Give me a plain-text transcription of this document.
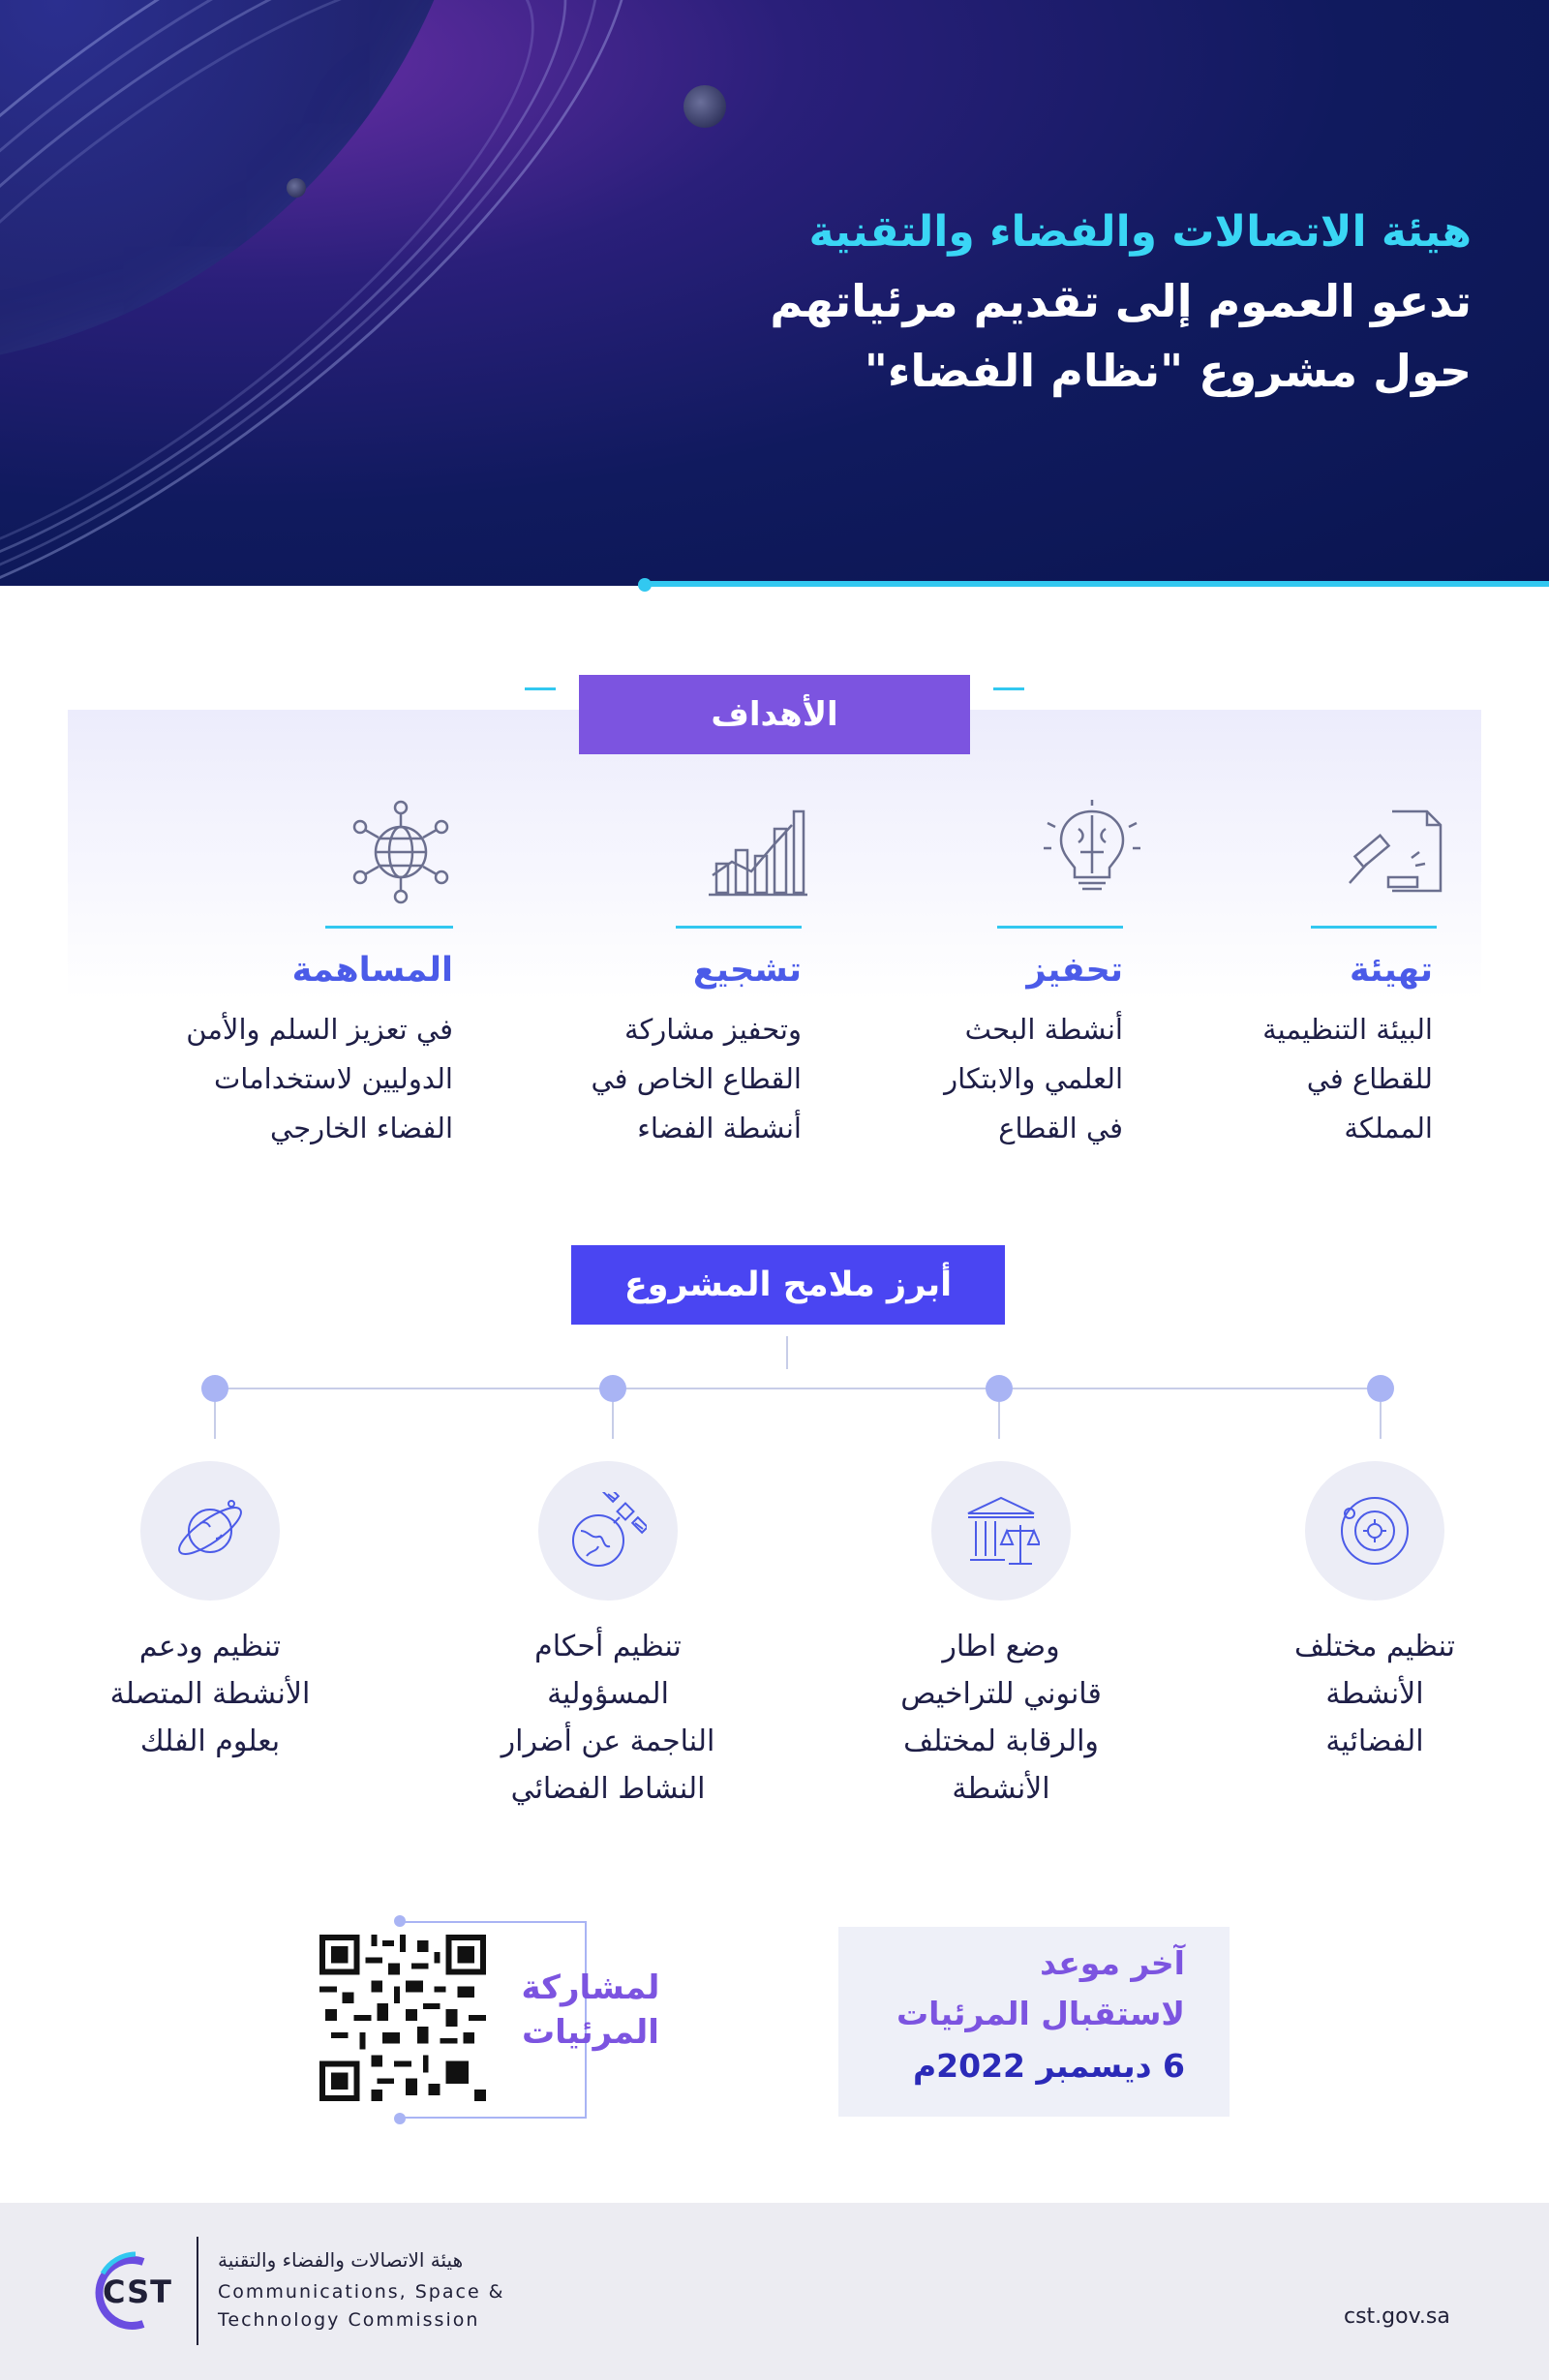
هيئة الاتصالات والفضاء والتقنية
تدعو العموم إلى تقديم مرئياتهم
حول مشروع "نظام الفضاء"
الأهداف
تهيئة
البيئة التنظيمية
للقطاع في
المملكة
تحفيز
أنشطة البحث
العلمي والابتكار
في القطاع
تشجيع
وتحفيز مشاركة
القطاع الخاص في
أنشطة الفضاء
المساهمة
في تعزيز السلم والأمن
الدوليين لاستخدامات
الفضاء الخارجي
أبرز ملامح المشروع
تنظيم مختلف
الأنشطة
الفضائية
وضع اطار
قانوني للتراخيص
والرقابة لمختلف
الأنشطة
تنظيم أحكام
المسؤولية
الناجمة عن أضرار
النشاط الفضائي
تنظيم ودعم
الأنشطة المتصلة
بعلوم الفلك
لمشاركة
المرئيات
آخر موعد
لاستقبال المرئيات
6 ديسمبر 2022م
CST
هيئة الاتصالات والفضاء والتقنية
Communications, Space &
Technology Commission	cst.gov.sa
